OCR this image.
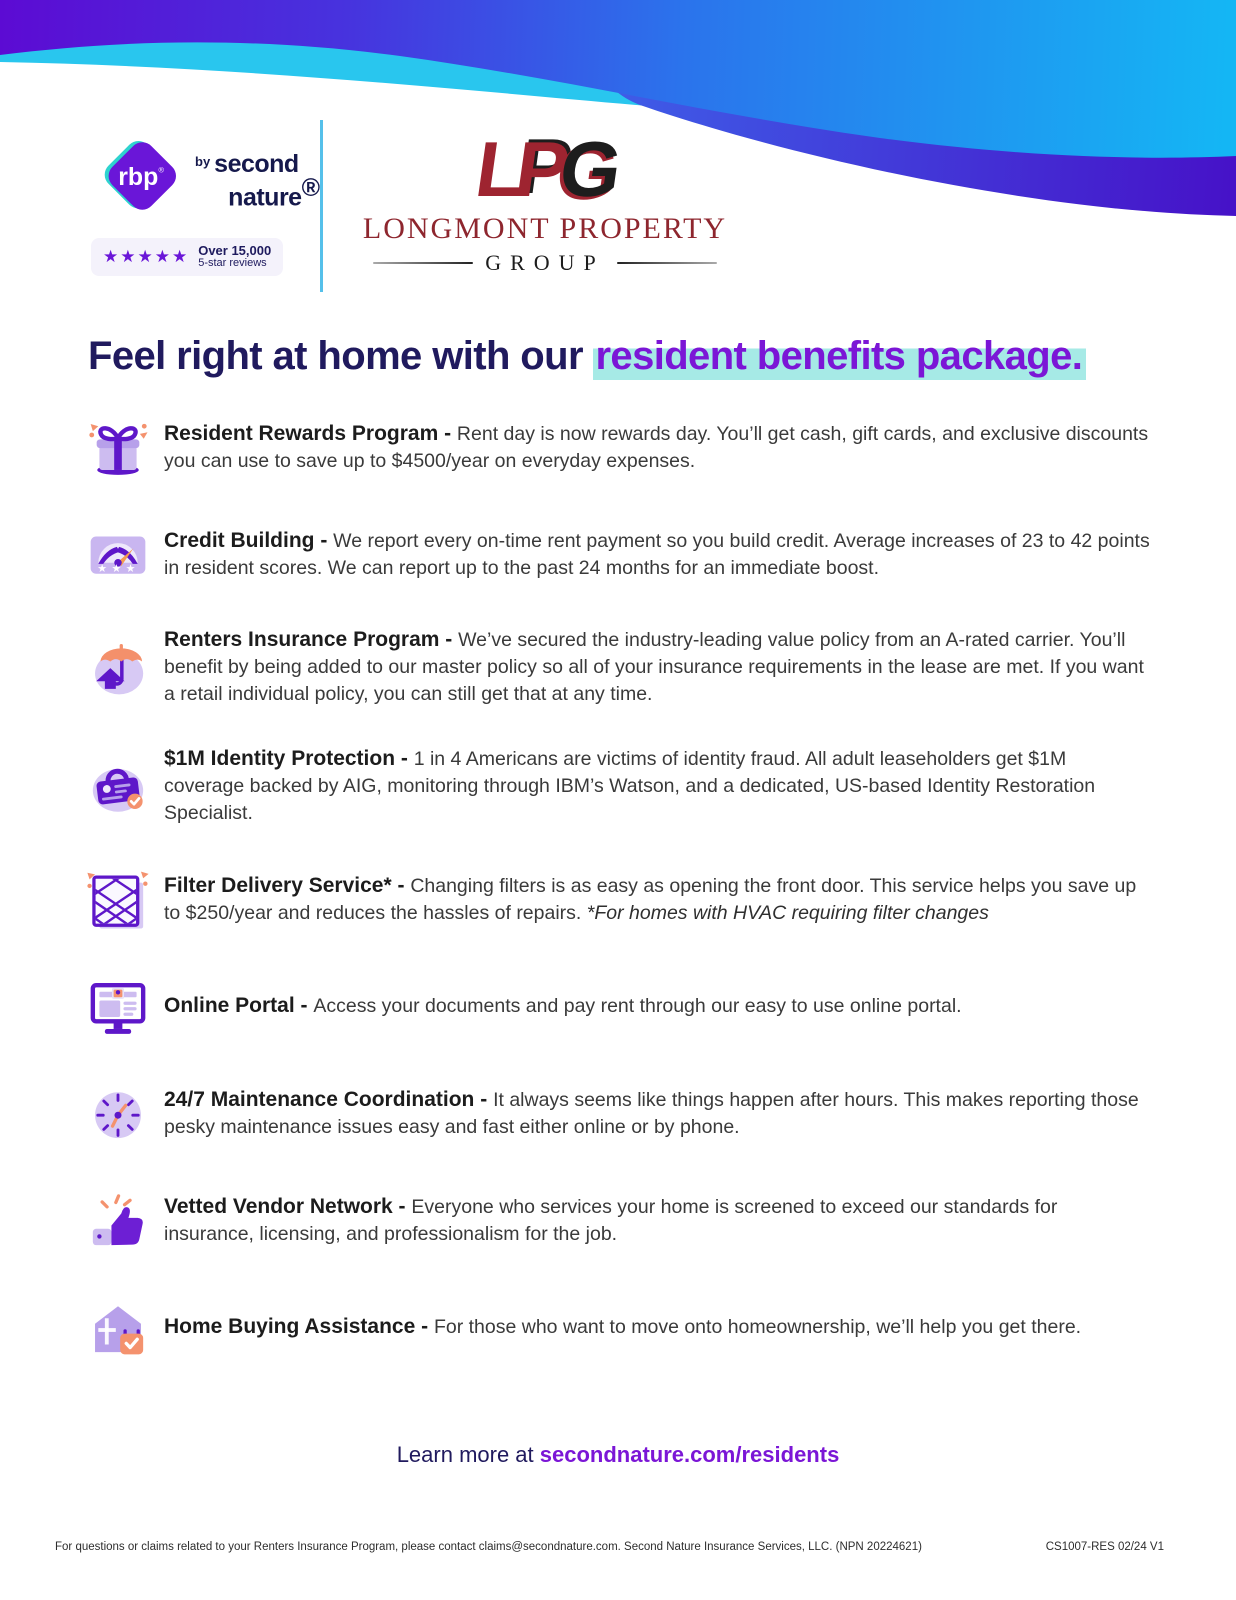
rbp ®
by second
nature®
★★★★★ Over 15,000
5-star reviews
L
P
G
LONGMONT PROPERTY
GROUP
Feel right at home with our resident benefits package.
Resident Rewards Program - Rent day is now rewards day. You’ll get cash, gift cards, and exclusive discounts you can use to save up to $4500/year on everyday expenses.
★ ★ ★
Credit Building - We report every on-time rent payment so you build credit. Average increases of 23 to 42 points in resident scores. We can report up to the past 24 months for an immediate boost.
Renters Insurance Program - We’ve secured the industry-leading value policy from an A-rated carrier. You’ll benefit by being added to our master policy so all of your insurance requirements in the lease are met. If you want a retail individual policy, you can still get that at any time.
$1M Identity Protection - 1 in 4 Americans are victims of identity fraud. All adult leaseholders get $1M coverage backed by AIG, monitoring through IBM’s Watson, and a dedicated, US-based Identity Restoration Specialist.
Filter Delivery Service* - Changing filters is as easy as opening the front door. This service helps you save up to $250/year and reduces the hassles of repairs. *For homes with HVAC requiring filter changes
Online Portal - Access your documents and pay rent through our easy to use online portal.
24/7 Maintenance Coordination - It always seems like things happen after hours. This makes reporting those pesky maintenance issues easy and fast either online or by phone.
Vetted Vendor Network - Everyone who services your home is screened to exceed our standards for insurance, licensing, and professionalism for the job.
Home Buying Assistance - For those who want to move onto homeownership, we’ll help you get there.
Learn more at secondnature.com/residents
For questions or claims related to your Renters Insurance Program, please contact claims@secondnature.com. Second Nature Insurance Services, LLC. (NPN 20224621)	CS1007-RES 02/24 V1
